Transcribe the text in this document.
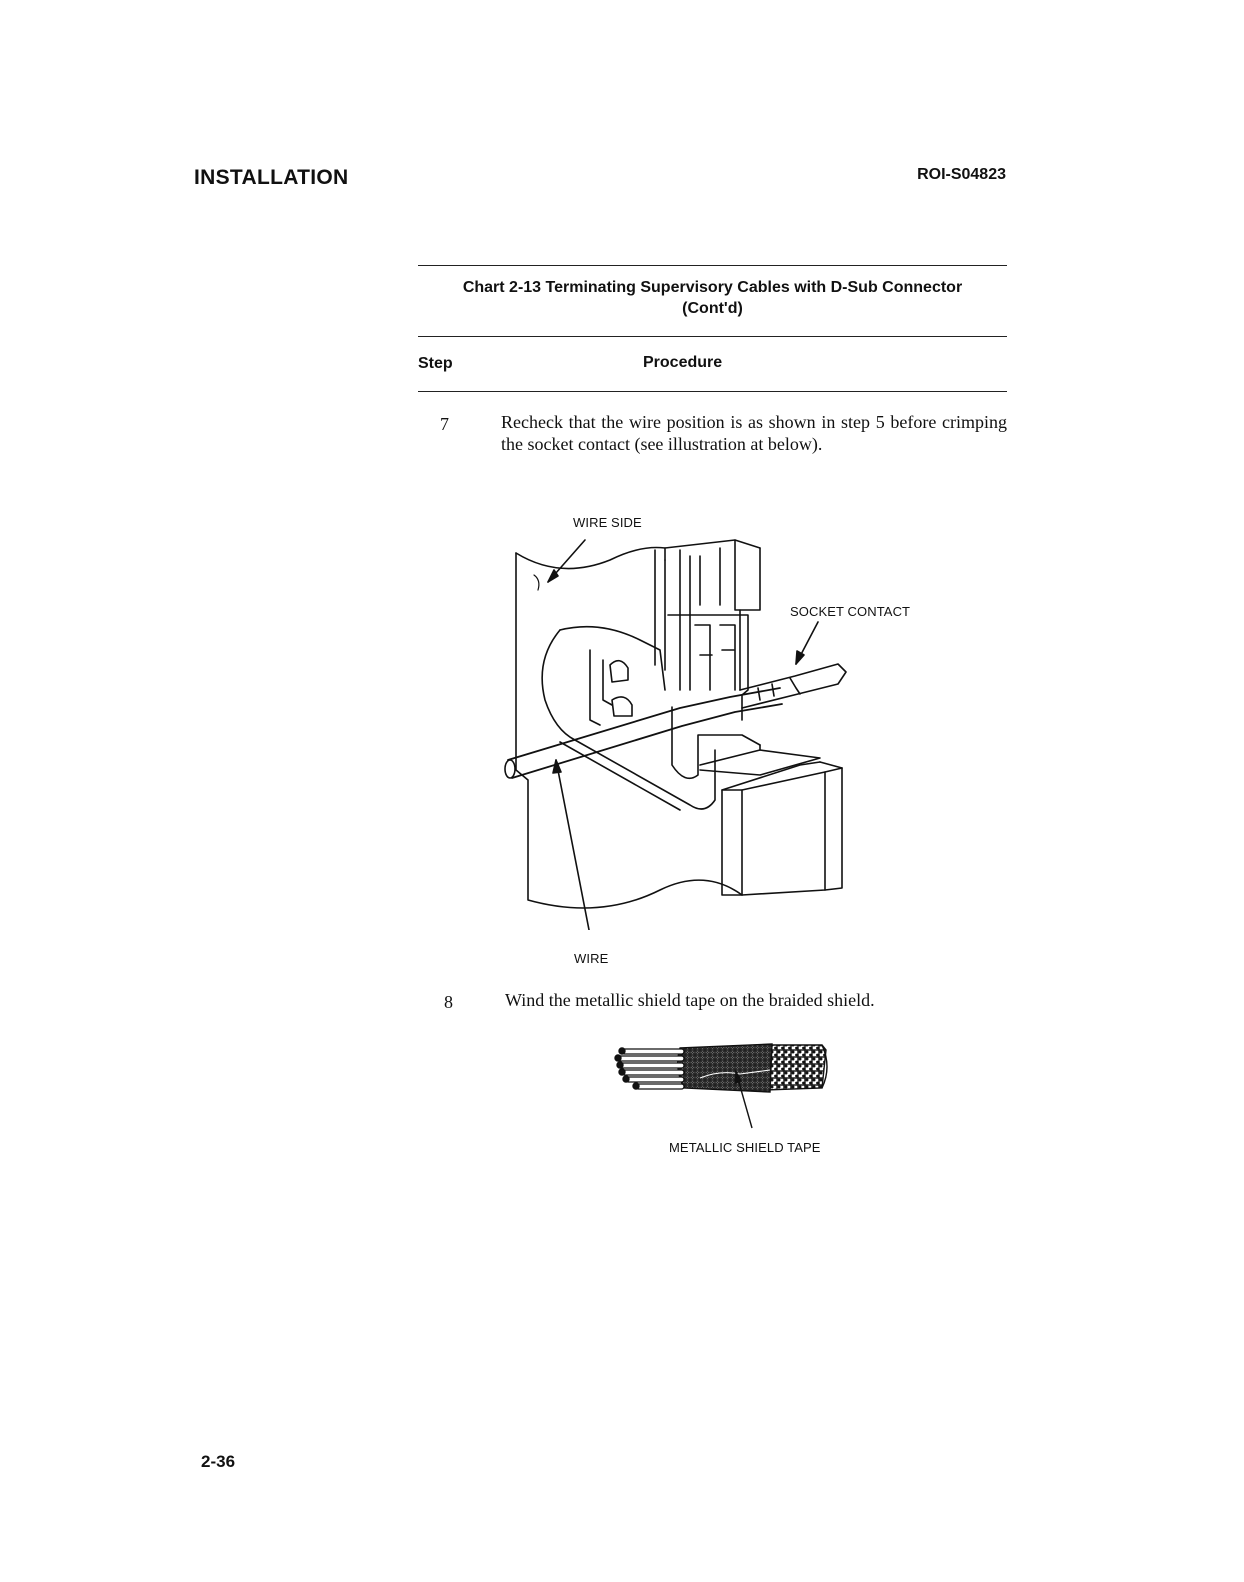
INSTALLATION	ROI-S04823
Chart 2-13 Terminating Supervisory Cables with D-Sub Connector
(Cont'd)
Step	Procedure
7	Recheck that the wire position is as shown in step 5 before crimping the socket contact (see illustration at below).
WIRE SIDE
SOCKET CONTACT
WIRE
8	Wind the metallic shield tape on the braided shield.
METALLIC SHIELD TAPE
2-36
